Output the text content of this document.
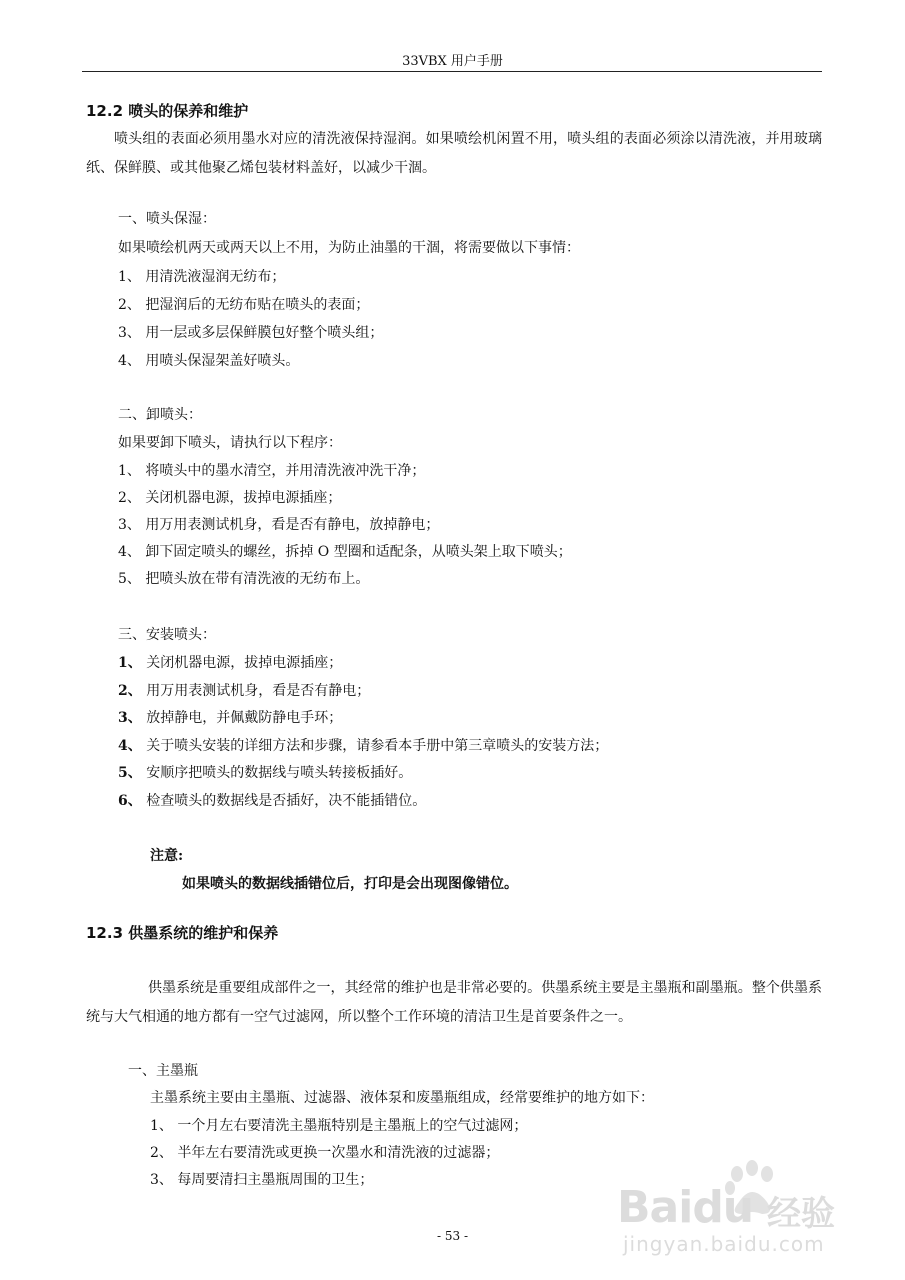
33VBX 用户手册
12.2 喷头的保养和维护
喷头组的表面必须用墨水对应的清洗液保持湿润。如果喷绘机闲置不用，喷头组的表面必须涂以清洗液，并用玻璃纸、保鲜膜、或其他聚乙烯包装材料盖好，以减少干涸。
一、喷头保湿：
如果喷绘机两天或两天以上不用，为防止油墨的干涸，将需要做以下事情：
1、 用清洗液湿润无纺布；
2、 把湿润后的无纺布贴在喷头的表面；
3、 用一层或多层保鲜膜包好整个喷头组；
4、 用喷头保湿架盖好喷头。
二、卸喷头：
如果要卸下喷头，请执行以下程序：
1、 将喷头中的墨水清空，并用清洗液冲洗干净；
2、 关闭机器电源，拔掉电源插座；
3、 用万用表测试机身，看是否有静电，放掉静电；
4、 卸下固定喷头的螺丝，拆掉 O 型圈和适配条，从喷头架上取下喷头；
5、 把喷头放在带有清洗液的无纺布上。
三、安装喷头：
1、 关闭机器电源，拔掉电源插座；
2、 用万用表测试机身，看是否有静电；
3、 放掉静电，并佩戴防静电手环；
4、 关于喷头安装的详细方法和步骤，请参看本手册中第三章喷头的安装方法；
5、 安顺序把喷头的数据线与喷头转接板插好。
6、 检查喷头的数据线是否插好，决不能插错位。
注意:
如果喷头的数据线插错位后，打印是会出现图像错位。
12.3 供墨系统的维护和保养
供墨系统是重要组成部件之一，其经常的维护也是非常必要的。供墨系统主要是主墨瓶和副墨瓶。整个供墨系统与大气相通的地方都有一空气过滤网，所以整个工作环境的清洁卫生是首要条件之一。
一、主墨瓶
主墨系统主要由主墨瓶、过滤器、液体泵和废墨瓶组成，经常要维护的地方如下：
1、 一个月左右要清洗主墨瓶特别是主墨瓶上的空气过滤网；
2、 半年左右要清洗或更换一次墨水和清洗液的过滤器；
3、 每周要清扫主墨瓶周围的卫生；
- 53 -
Baidu 经验
jingyan.baidu.com
